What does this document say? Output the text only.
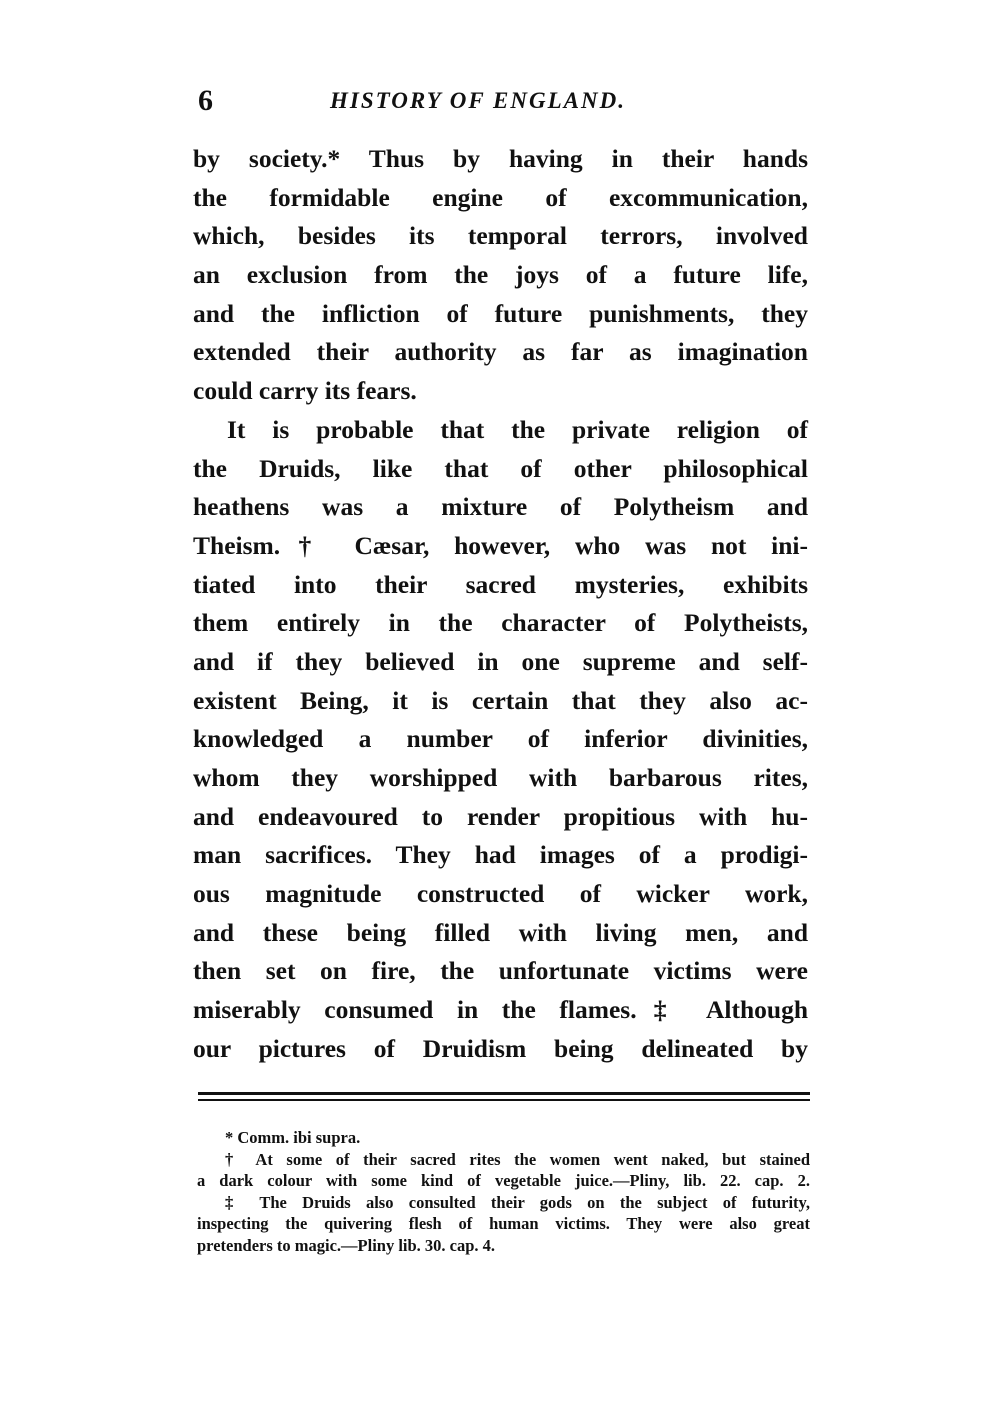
6	HISTORY OF ENGLAND.
by society.* Thus by having in their hands
the formidable engine of excommunication,
which, besides its temporal terrors, involved
an exclusion from the joys of a future life,
and the infliction of future punishments, they
extended their authority as far as imagination
could carry its fears.
It is probable that the private religion of
the Druids, like that of other philosophical
heathens was a mixture of Polytheism and
Theism.† Cæsar, however, who was not ini-
tiated into their sacred mysteries, exhibits
them entirely in the character of Polytheists,
and if they believed in one supreme and self-
existent Being, it is certain that they also ac-
knowledged a number of inferior divinities,
whom they worshipped with barbarous rites,
and endeavoured to render propitious with hu-
man sacrifices. They had images of a prodigi-
ous magnitude constructed of wicker work,
and these being filled with living men, and
then set on fire, the unfortunate victims were
miserably consumed in the flames.‡ Although
our pictures of Druidism being delineated by
* Comm. ibi supra.
† At some of their sacred rites the women went naked, but stained
a dark colour with some kind of vegetable juice.—Pliny, lib. 22. cap. 2.
‡ The Druids also consulted their gods on the subject of futurity,
inspecting the quivering flesh of human victims. They were also great
pretenders to magic.—Pliny lib. 30. cap. 4.
